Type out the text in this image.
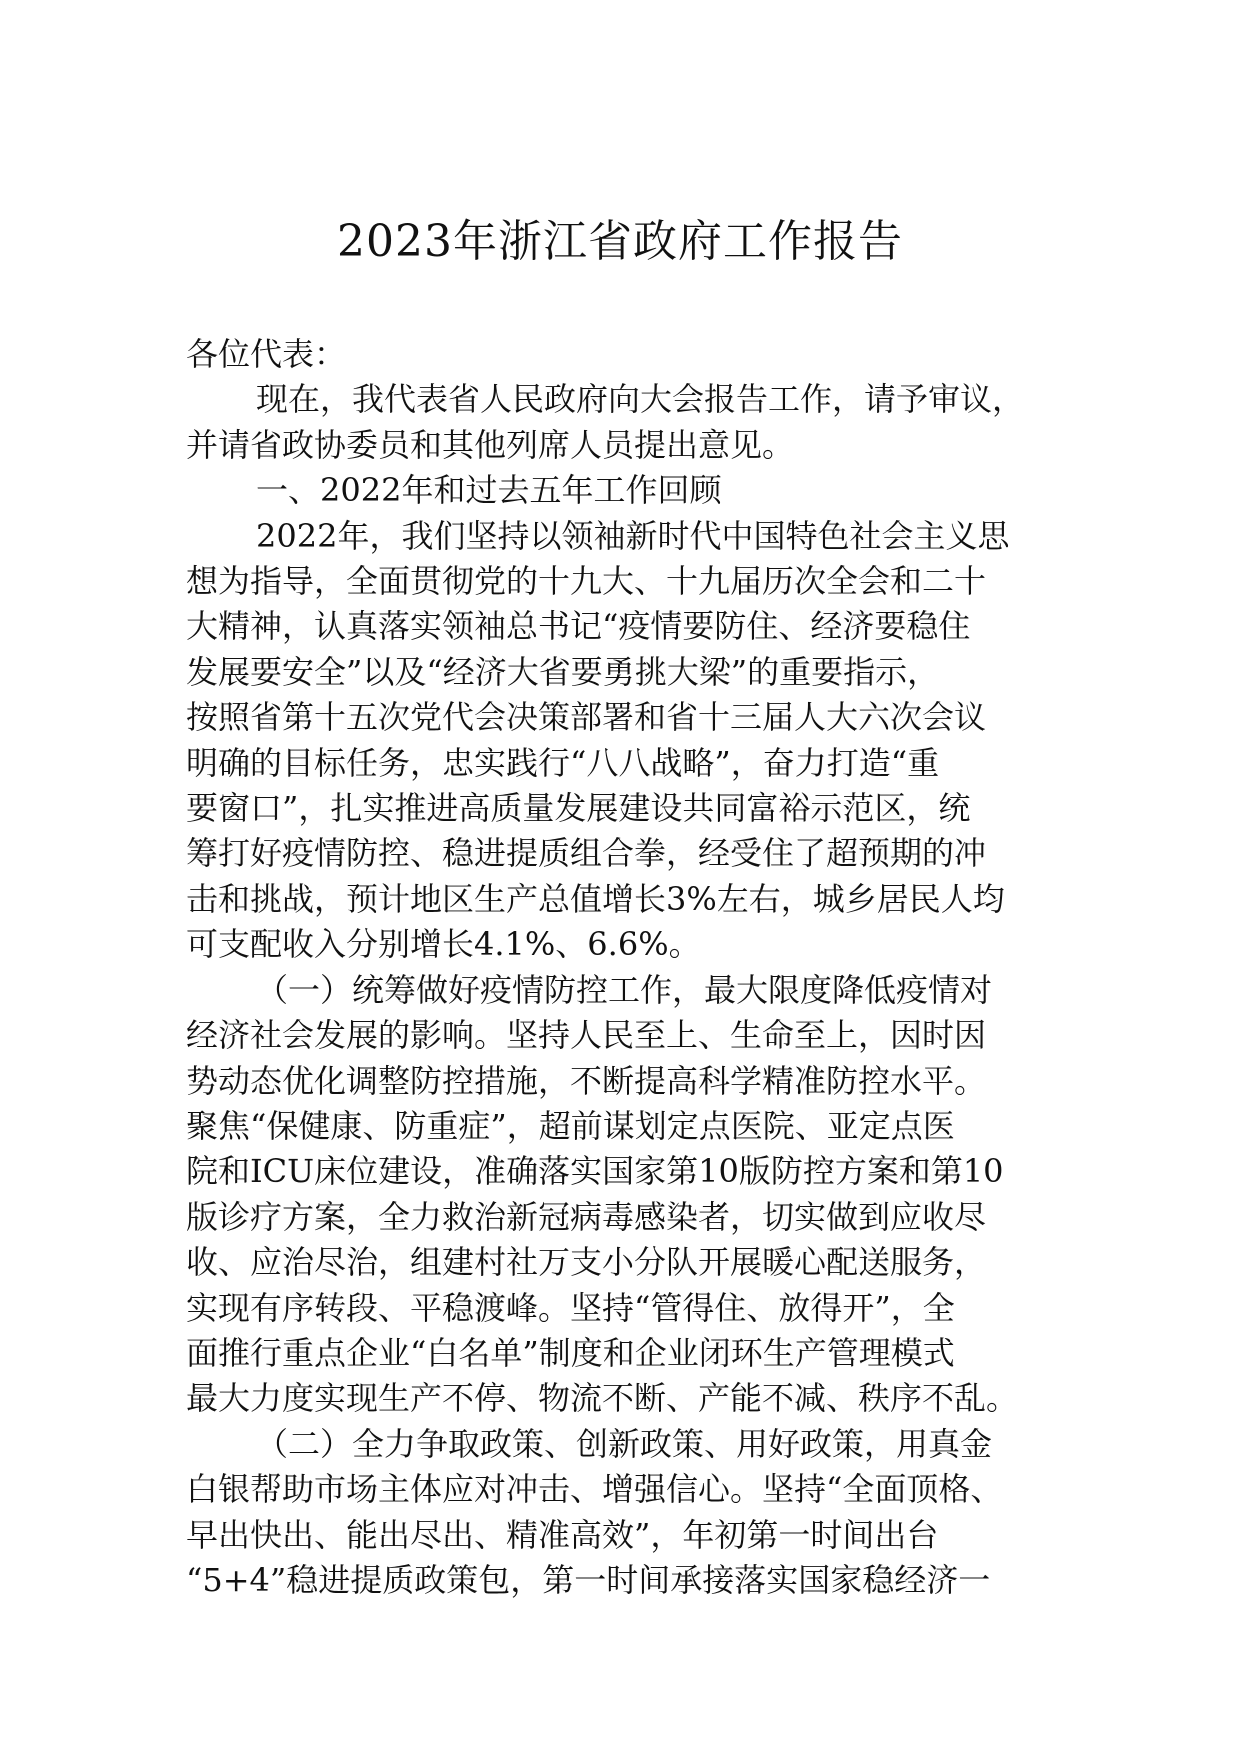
2023年浙江省政府工作报告
各位代表：
现在，我代表省人民政府向大会报告工作，请予审议，
并请省政协委员和其他列席人员提出意见。
一、2022年和过去五年工作回顾
2022年，我们坚持以领袖新时代中国特色社会主义思
想为指导，全面贯彻党的十九大、十九届历次全会和二十
大精神，认真落实领袖总书记“疫情要防住、经济要稳住
发展要安全”以及“经济大省要勇挑大梁”的重要指示，
按照省第十五次党代会决策部署和省十三届人大六次会议
明确的目标任务，忠实践行“八八战略”，奋力打造“重
要窗口”，扎实推进高质量发展建设共同富裕示范区，统
筹打好疫情防控、稳进提质组合拳，经受住了超预期的冲
击和挑战，预计地区生产总值增长3%左右，城乡居民人均
可支配收入分别增长4.1%、6.6%。
（一）统筹做好疫情防控工作，最大限度降低疫情对
经济社会发展的影响。坚持人民至上、生命至上，因时因
势动态优化调整防控措施，不断提高科学精准防控水平。
聚焦“保健康、防重症”，超前谋划定点医院、亚定点医
院和ICU床位建设，准确落实国家第10版防控方案和第10
版诊疗方案，全力救治新冠病毒感染者，切实做到应收尽
收、应治尽治，组建村社万支小分队开展暖心配送服务，
实现有序转段、平稳渡峰。坚持“管得住、放得开”，全
面推行重点企业“白名单”制度和企业闭环生产管理模式
最大力度实现生产不停、物流不断、产能不减、秩序不乱。
（二）全力争取政策、创新政策、用好政策，用真金
白银帮助市场主体应对冲击、增强信心。坚持“全面顶格、
早出快出、能出尽出、精准高效”，年初第一时间出台
“5+4”稳进提质政策包，第一时间承接落实国家稳经济一
